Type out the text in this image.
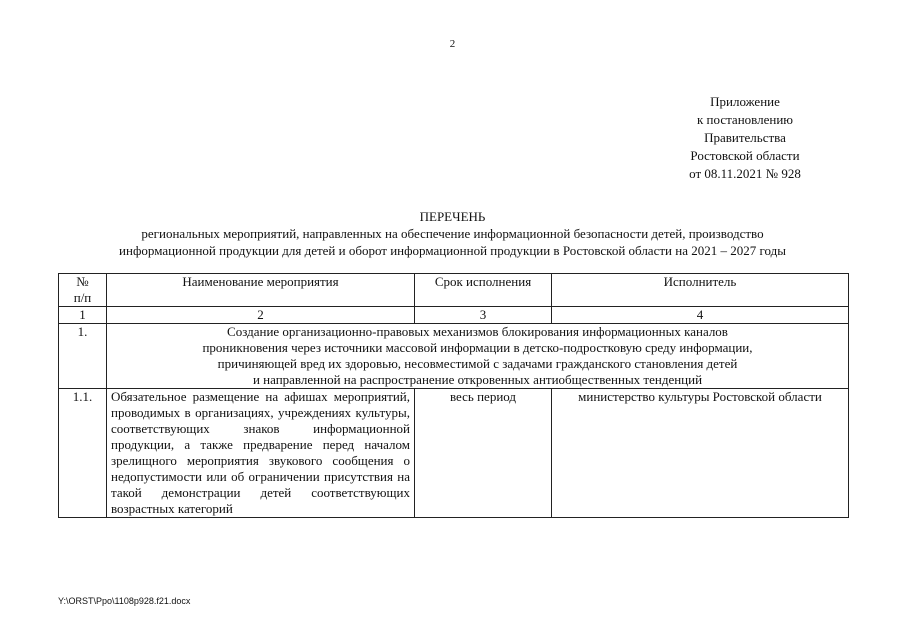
2
Приложение
к постановлению
Правительства
Ростовской области
от 08.11.2021 № 928
ПЕРЕЧЕНЬ
региональных мероприятий, направленных на обеспечение информационной безопасности детей, производство
информационной продукции для детей и оборот информационной продукции в Ростовской области на 2021 – 2027 годы
№
п/п	Наименование мероприятия	Срок исполнения	Исполнитель
1	2	3	4
1.	Создание организационно-правовых механизмов блокирования информационных каналов
проникновения через источники массовой информации в детско-подростковую среду информации,
причиняющей вред их здоровью, несовместимой с задачами гражданского становления детей
и направленной на распространение откровенных антиобщественных тенденций		

1.1.	Обязательное размещение на афишах мероприятий, проводимых в организациях, учреждениях культуры, соответствующих знаков информационной продукции, а также предварение перед началом зрелищного мероприятия звукового сообщения о недопустимости или об ограничении присутствия на такой демонстрации детей соответствующих возрастных категорий	весь период	министерство культуры Ростовской области
Y:\ORST\Ppo\1108p928.f21.docx
